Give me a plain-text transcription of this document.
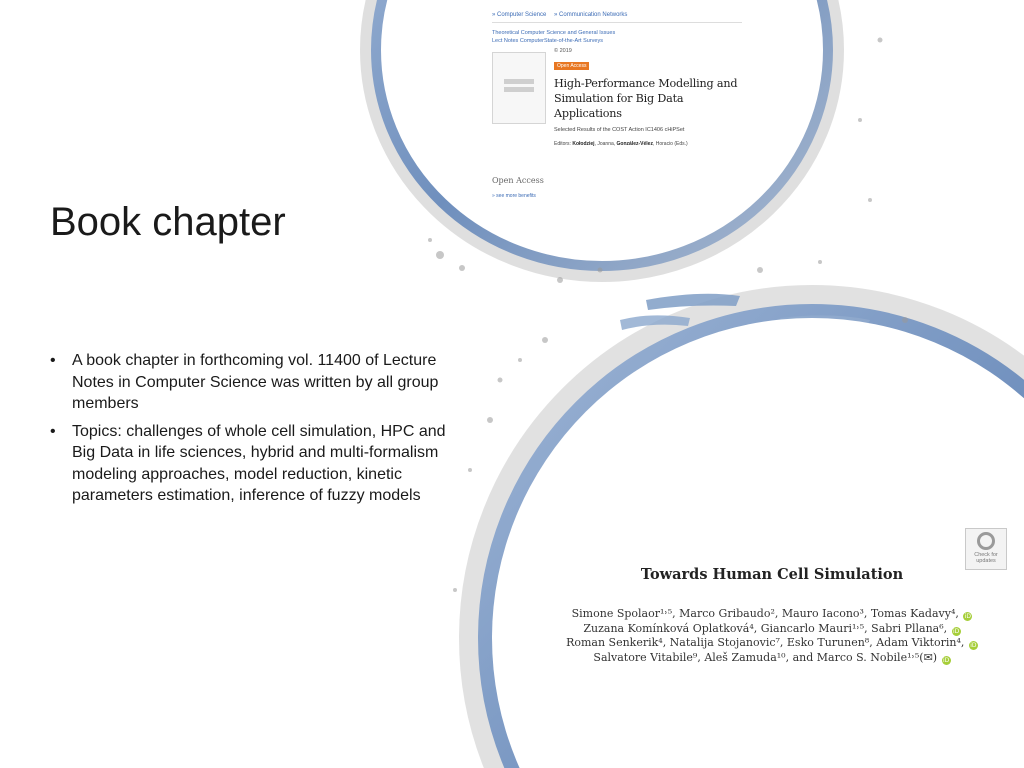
Book chapter
• A book chapter in forthcoming vol. 11400 of Lecture Notes in Computer Science was written by all group members
• Topics: challenges of whole cell simulation, HPC and Big Data in life sciences, hybrid and multi-formalism modeling approaches, model reduction, kinetic parameters estimation, inference of fuzzy models
» Computer Science » Communication Networks
Theoretical Computer Science and General Issues
Lect Notes ComputerState-of-the-Art Surveys
© 2019
Open Access
High-Performance Modelling and Simulation for Big Data Applications
Selected Results of the COST Action IC1406 cHiPSet
Editors: Kołodziej, Joanna, González-Vélez, Horacio (Eds.)
Open Access
» see more benefits

Towards Human Cell Simulation

Simone Spolaor¹˒⁵, Marco Gribaudo², Mauro Iacono³, Tomas Kadavy⁴, iD
Zuzana Komínková Oplatková⁴, Giancarlo Mauri¹˒⁵, Sabri Pllana⁶, iD
Roman Senkerik⁴, Natalija Stojanovic⁷, Esko Turunen⁸, Adam Viktorin⁴, iD
Salvatore Vitabile⁹, Aleš Zamuda¹⁰, and Marco S. Nobile¹˒⁵(✉) iD
Check for updates
